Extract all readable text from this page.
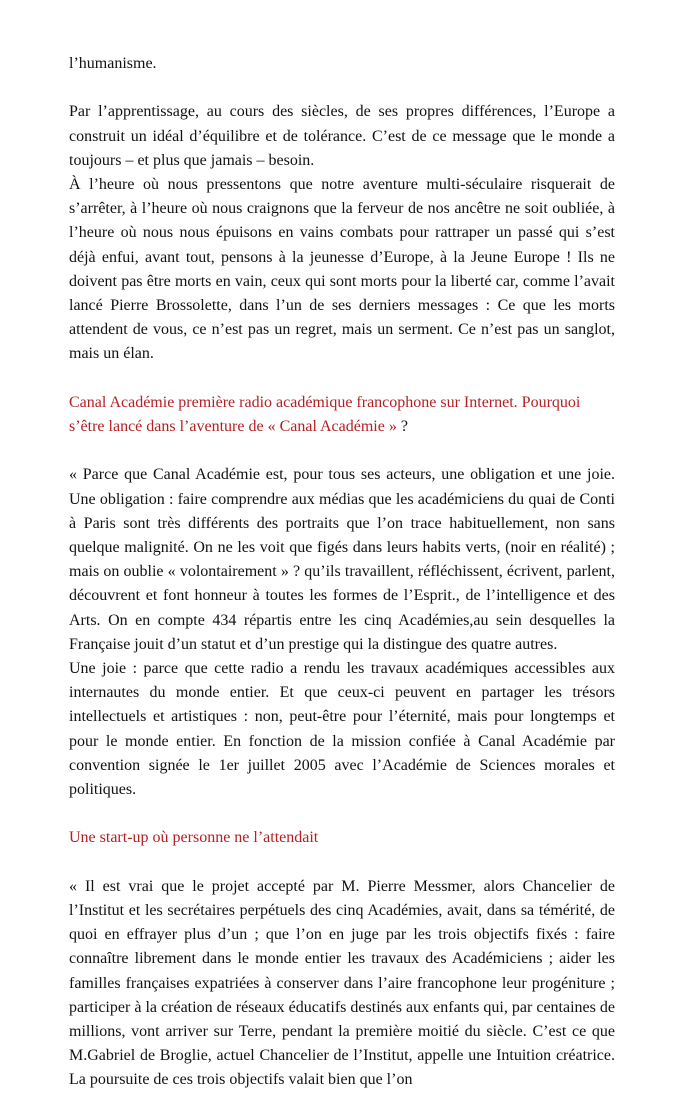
l’humanisme.

Par l’apprentissage, au cours des siècles, de ses propres différences, l’Europe a construit un idéal d’équilibre et de tolérance. C’est de ce message que le monde a toujours – et plus que jamais – besoin.

À l’heure où nous pressentons que notre aventure multi-séculaire risquerait de s’arrêter, à l’heure où nous craignons que la ferveur de nos ancêtre ne soit oubliée, à l’heure où nous nous épuisons en vains combats pour rattraper un passé qui s’est déjà enfui, avant tout, pensons à la jeunesse d’Europe, à la Jeune Europe ! Ils ne doivent pas être morts en vain, ceux qui sont morts pour la liberté car, comme l’avait lancé Pierre Brossolette, dans l’un de ses derniers messages : Ce que les morts attendent de vous, ce n’est pas un regret, mais un serment. Ce n’est pas un sanglot, mais un élan.

Canal Académie première radio académique francophone sur Internet. Pourquoi s’être lancé dans l’aventure de « Canal Académie » ?

« Parce que Canal Académie est, pour tous ses acteurs, une obligation et une joie. Une obligation : faire comprendre aux médias que les académiciens du quai de Conti à Paris sont très différents des portraits que l’on trace habituellement, non sans quelque malignité. On ne les voit que figés dans leurs habits verts, (noir en réalité) ; mais on oublie « volontairement » ? qu’ils travaillent, réfléchissent, écrivent, parlent, découvrent et font honneur à toutes les formes de l’Esprit., de l’intelligence et des Arts. On en compte 434 répartis entre les cinq Académies,au sein desquelles la Française jouit d’un statut et d’un prestige qui la distingue des quatre autres.

Une joie : parce que cette radio a rendu les travaux académiques accessibles aux internautes du monde entier. Et que ceux-ci peuvent en partager les trésors intellectuels et artistiques : non, peut-être pour l’éternité, mais pour longtemps et pour le monde entier. En fonction de la mission confiée à Canal Académie par convention signée le 1er juillet 2005 avec l’Académie de Sciences morales et politiques.

Une start-up où personne ne l’attendait

« Il est vrai que le projet accepté par M. Pierre Messmer, alors Chancelier de l’Institut et les secrétaires perpétuels des cinq Académies, avait, dans sa témérité, de quoi en effrayer plus d’un ; que l’on en juge par les trois objectifs fixés : faire connaître librement dans le monde entier les travaux des Académiciens ; aider les familles françaises expatriées à conserver dans l’aire francophone leur progéniture ; participer à la création de réseaux éducatifs destinés aux enfants qui, par centaines de millions, vont arriver sur Terre, pendant la première moitié du siècle. C’est ce que M.Gabriel de Broglie, actuel Chancelier de l’Institut, appelle une Intuition créatrice. La poursuite de ces trois objectifs valait bien que l’on
